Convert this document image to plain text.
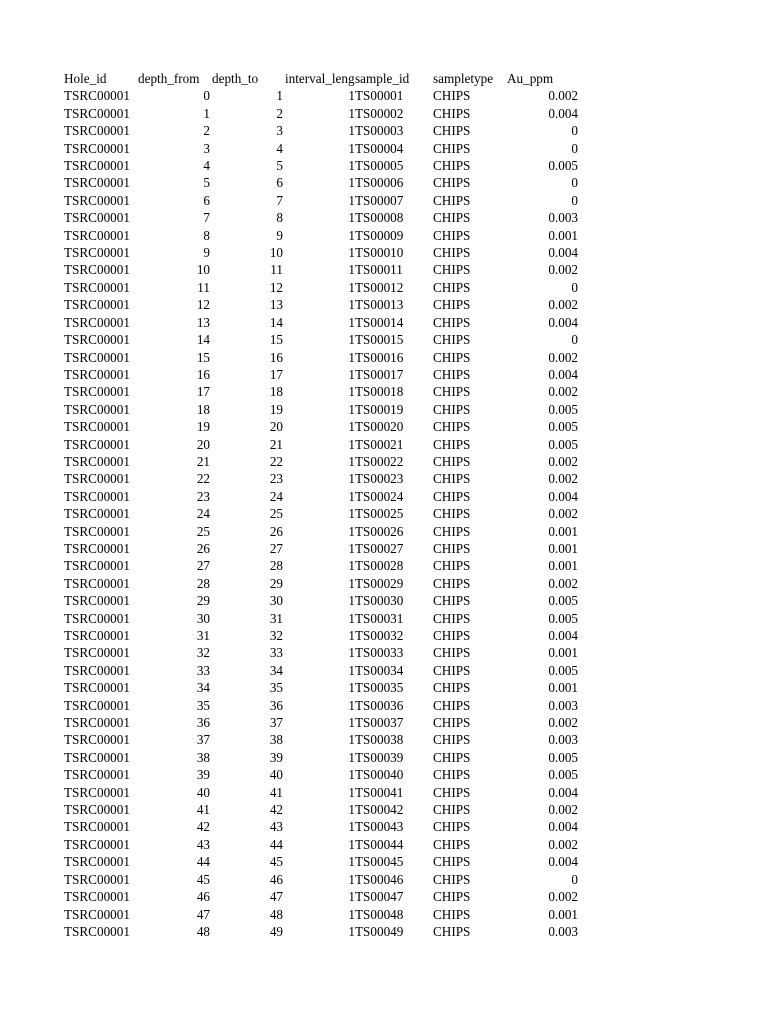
Hole_id depth_from depth_to	interval_leng sample_id sampletype Au_ppm
TSRC00001	0	1	1 TS00001 CHIPS	0.002
TSRC00001	1	2	1 TS00002 CHIPS	0.004
TSRC00001	2	3	1 TS00003 CHIPS	0
TSRC00001	3	4	1 TS00004 CHIPS	0
TSRC00001	4	5	1 TS00005 CHIPS	0.005
TSRC00001	5	6	1 TS00006 CHIPS	0
TSRC00001	6	7	1 TS00007 CHIPS	0
TSRC00001	7	8	1 TS00008 CHIPS	0.003
TSRC00001	8	9	1 TS00009 CHIPS	0.001
TSRC00001	9	10	1 TS00010 CHIPS	0.004
TSRC00001	10	11	1 TS00011 CHIPS	0.002
TSRC00001	11	12	1 TS00012 CHIPS	0
TSRC00001	12	13	1 TS00013 CHIPS	0.002
TSRC00001	13	14	1 TS00014 CHIPS	0.004
TSRC00001	14	15	1 TS00015 CHIPS	0
TSRC00001	15	16	1 TS00016 CHIPS	0.002
TSRC00001	16	17	1 TS00017 CHIPS	0.004
TSRC00001	17	18	1 TS00018 CHIPS	0.002
TSRC00001	18	19	1 TS00019 CHIPS	0.005
TSRC00001	19	20	1 TS00020 CHIPS	0.005
TSRC00001	20	21	1 TS00021 CHIPS	0.005
TSRC00001	21	22	1 TS00022 CHIPS	0.002
TSRC00001	22	23	1 TS00023 CHIPS	0.002
TSRC00001	23	24	1 TS00024 CHIPS	0.004
TSRC00001	24	25	1 TS00025 CHIPS	0.002
TSRC00001	25	26	1 TS00026 CHIPS	0.001
TSRC00001	26	27	1 TS00027 CHIPS	0.001
TSRC00001	27	28	1 TS00028 CHIPS	0.001
TSRC00001	28	29	1 TS00029 CHIPS	0.002
TSRC00001	29	30	1 TS00030 CHIPS	0.005
TSRC00001	30	31	1 TS00031 CHIPS	0.005
TSRC00001	31	32	1 TS00032 CHIPS	0.004
TSRC00001	32	33	1 TS00033 CHIPS	0.001
TSRC00001	33	34	1 TS00034 CHIPS	0.005
TSRC00001	34	35	1 TS00035 CHIPS	0.001
TSRC00001	35	36	1 TS00036 CHIPS	0.003
TSRC00001	36	37	1 TS00037 CHIPS	0.002
TSRC00001	37	38	1 TS00038 CHIPS	0.003
TSRC00001	38	39	1 TS00039 CHIPS	0.005
TSRC00001	39	40	1 TS00040 CHIPS	0.005
TSRC00001	40	41	1 TS00041 CHIPS	0.004
TSRC00001	41	42	1 TS00042 CHIPS	0.002
TSRC00001	42	43	1 TS00043 CHIPS	0.004
TSRC00001	43	44	1 TS00044 CHIPS	0.002
TSRC00001	44	45	1 TS00045 CHIPS	0.004
TSRC00001	45	46	1 TS00046 CHIPS	0
TSRC00001	46	47	1 TS00047 CHIPS	0.002
TSRC00001	47	48	1 TS00048 CHIPS	0.001
TSRC00001	48	49	1 TS00049 CHIPS	0.003
